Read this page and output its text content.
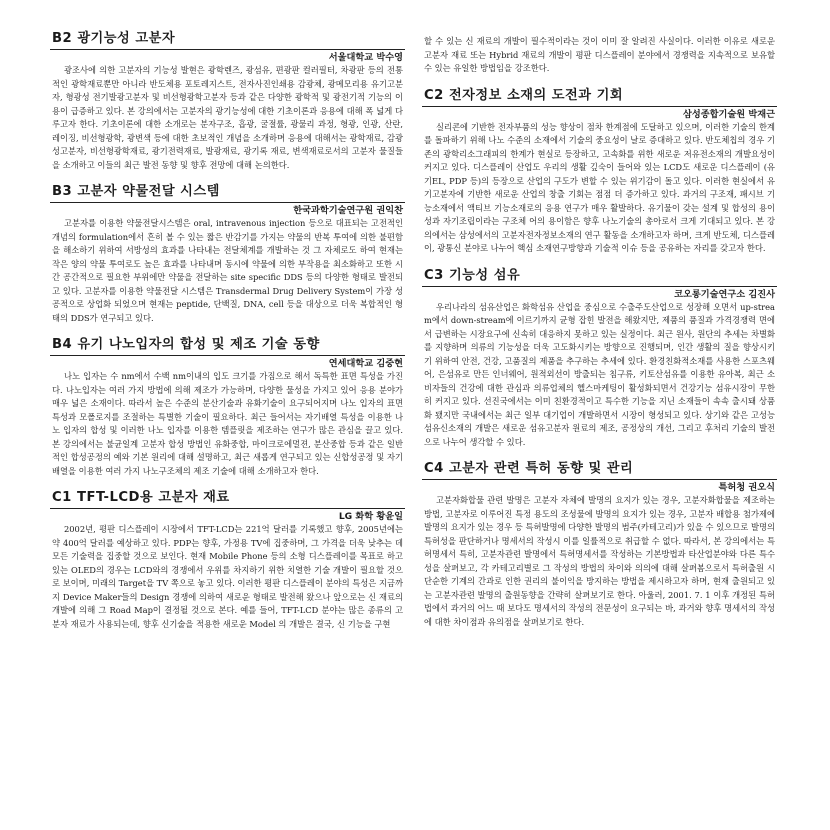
B2 광기능성 고분자
서울대학교 박수영

광조사에 의한 고분자의 기능성 발현은 광학렌즈, 광섬유, 편광판 컬러필터, 차광판 등의 전통적인 광학재료뿐만 아니라 반도체용 포토레지스트, 전자사진인쇄용 감광체, 광메모리용 유기고분자, 형광성 전기발광고분자 및 비선형광학고분자 등과 같은 다양한 광학적 및 광전기적 기능의 이용이 급증하고 있다. 본 강의에서는 고분자의 광기능성에 대한 기초이론과 응용에 대해 폭 넓게 다루고자 한다. 기초이론에 대한 소개로는 분자구조, 흡광, 굴절률, 광물리 과정, 형광, 인광, 산란, 레이징, 비선형광학, 광변색 등에 대한 초보적인 개념을 소개하며 응용에 대해서는 광학재료, 감광성고분자, 비선형광학재료, 광기전력재료, 발광재료, 광기록 재료, 변색재료로서의 고분자 물질들을 소개하고 이들의 최근 발전 동향 및 향후 전망에 대해 논의한다.

B3 고분자 약물전달 시스템
한국과학기술연구원 권익찬

고분자를 이용한 약물전달시스템은 oral, intravenous injection 등으로 대표되는 고전적인 개념의 formulation에서 흔히 볼 수 있는 짧은 반감기를 가지는 약물의 반복 투여에 의한 불편함을 해소하기 위하여 서방성의 효과를 나타내는 전달체계를 개발하는 것 그 자체로도 하여 현재는 작은 양의 약물 투여로도 높은 효과를 나타내며 동시에 약물에 의한 부작용을 최소화하고 또한 시간 공간적으로 필요한 부위에만 약물을 전달하는 site specific DDS 등의 다양한 형태로 발전되고 있다. 고분자를 이용한 약물전달 시스템은 Transdermal Drug Delivery System이 가장 성공적으로 상업화 되었으며 현재는 peptide, 단백질, DNA, cell 등을 대상으로 더욱 복합적인 형태의 DDS가 연구되고 있다.

B4 유기 나노입자의 합성 및 제조 기술 동향
연세대학교 김중현

나노 입자는 수 nm에서 수백 nm이내의 입도 크기를 가짐으로 해서 독특한 표면 특성을 가진다. 나노입자는 여러 가지 방법에 의해 제조가 가능하며, 다양한 물성을 가지고 있어 응용 분야가 매우 넓은 소재이다. 따라서 높은 수준의 분산기술과 유화기술이 요구되어지며 나노 입자의 표면특성과 모폴로지를 조절하는 특별한 기술이 필요하다. 최근 들어서는 자기배열 특성을 이용한 나노 입자의 합성 및 이러한 나노 입자를 이용한 템플릿을 제조하는 연구가 많은 관심을 끌고 있다. 본 강의에서는 불균일계 고분자 합성 방법인 유화중합, 마이크로에멀젼, 분산중합 등과 같은 일반적인 합성공정의 예와 기본 원리에 대해 설명하고, 최근 새롭게 연구되고 있는 신합성공정 및 자기배열을 이용한 여러 가지 나노구조체의 제조 기술에 대해 소개하고자 한다.

C1 TFT-LCD용 고분자 재료
LG 화학 황윤일

2002년, 평판 디스플레이 시장에서 TFT-LCD는 221억 달러를 기록했고 향후, 2005년에는 약 400억 달러를 예상하고 있다. PDP는 향후, 가정용 TV에 집중하며, 그 가격을 더욱 낮추는 데 모든 기술력을 집중할 것으로 보인다. 현재 Mobile Phone 등의 소형 디스플레이를 목표로 하고 있는 OLED의 경우는 LCD와의 경쟁에서 우위를 차지하기 위한 치열한 기술 개발이 필요할 것으로 보이며, 미래의 Target을 TV 쪽으로 놓고 있다. 이러한 평판 디스플레이 분야의 특성은 지금까지 Device Maker들의 Design 경쟁에 의하여 새로운 형태로 발전해 왔으나 앞으로는 신 재료의 개발에 의해 그 Road Map이 결정될 것으로 본다. 예를 들어, TFT-LCD 분야는 많은 종류의 고분자 재료가 사용되는데, 향후 신기술을 적용한 새로운 Model 의 개발은 결국, 신 기능을 구현

할 수 있는 신 재료의 개발이 필수적이라는 것이 이미 잘 알려진 사실이다. 이러한 이유로 새로운 고분자 재료 또는 Hybrid 재료의 개발이 평판 디스플레이 분야에서 경쟁력을 지속적으로 보유할 수 있는 유일한 방법임을 강조한다.

C2 전자정보 소재의 도전과 기회
삼성종합기술원 박재근

실리콘에 기반한 전자부품의 성능 향상이 점차 한계점에 도달하고 있으며, 이러한 기술의 한계를 돌파하기 위해 나노 수준의 소재에서 기술의 중요성이 날로 증대하고 있다. 반도체칩의 경우 기존의 광학리소그래피의 한계가 현실로 등장하고, 고속화를 위한 새로운 저유전소재의 개발요성이 커지고 있다. 디스플레이 산업도 우리의 생활 깊숙이 들어와 있는 LCD도 새로운 디스플레이 (유기EL, PDP 등)의 등장으로 산업의 구도가 변할 수 있는 위기감이 돌고 있다. 이러한 현실에서 유기고분자에 기반한 새로운 산업의 창출 기회는 점점 더 증가하고 있다. 과거의 구조재, 패시브 기능소재에서 액티브 기능소재로의 응용 연구가 매우 활발하다. 유기물이 갖는 설계 및 합성의 용이성과 자기조립이라는 구조체 어의 용이함은 향후 나노기술의 총아로서 크게 기대되고 있다. 본 강의에서는 삼성에서의 고분자전자정보소재의 연구 활동을 소개하고자 하며, 크게 반도체, 디스플레이, 광통신 분야로 나누어 핵심 소재연구방향과 기술적 이슈 등을 공유하는 자리를 갖고자 한다.

C3 기능성 섬유
코오롱기술연구소 김진사

우리나라의 섬유산업은 화학섬유 산업을 중심으로 수출주도산업으로 성장해 오면서 up-stream에서 down-stream에 이르기까지 균형 잡힌 발전을 해왔지만, 제품의 품질과 가격경쟁력 면에서 급변하는 시장요구에 신속히 대응하지 못하고 있는 실정이다. 최근 원사, 원단의 추세는 차별화를 지향하며 의류의 기능성을 더욱 고도화시키는 방향으로 진행되며, 인간 생활의 질을 향상시키기 위하여 안전, 건강, 고품질의 제품을 추구하는 추세에 있다. 환경친화적소재를 사용한 스포츠웨어, 은섬유로 만든 인너웨어, 원적외선이 방출되는 침구류, 키토산섬유를 이용한 유아복, 최근 소비자들의 건강에 대한 관심과 의류업체의 헬스마케팅이 활성화되면서 건강기능 섬유시장이 무한히 커지고 있다. 선진국에서는 이미 친환경적이고 특수한 기능을 지닌 소재들이 속속 출시돼 상품화 됐지만 국내에서는 최근 일부 대기업이 개발하면서 시장이 형성되고 있다. 상기와 같은 고성능 섬유신소재의 개발은 새로운 섬유고분자 원료의 제조, 공정상의 개선, 그리고 후처리 기술의 발전으로 나누어 생각할 수 있다.

C4 고분자 관련 특허 동향 및 관리
특허청 권오식

고분자화합물 관련 발명은 고분자 자체에 발명의 요지가 있는 경우, 고분자화합물을 제조하는 방법, 고분자로 이루어진 특정 용도의 조성물에 발명의 요지가 있는 경우, 고분자 배합용 첨가제에 발명의 요지가 있는 경우 등 특허발명에 다양한 발명의 범주(카테고리)가 있을 수 있으므로 발명의 특허성을 판단하거나 명세서의 작성시 이를 일률적으로 취급할 수 없다. 따라서, 본 강의에서는 특허명세서 특히, 고분자관련 발명에서 특허명세서를 작성하는 기본방법과 타산업분야와 다른 특수성을 살펴보고, 각 카테고리별로 그 작성의 방법의 차이와 의의에 대해 살펴봄으로서 특허출원 시 단순한 기계의 간과로 인한 권리의 불이익을 방지하는 방법을 제시하고자 하며, 현재 출원되고 있는 고분자관련 발명의 출원동향을 간략히 살펴보기로 한다. 아울러, 2001. 7. 1 이후 개정된 특허법에서 과거의 어느 때 보다도 명세서의 작성의 전문성이 요구되는 바, 과거와 향후 명세서의 작성에 대한 차이점과 유의점을 살펴보기로 한다.
